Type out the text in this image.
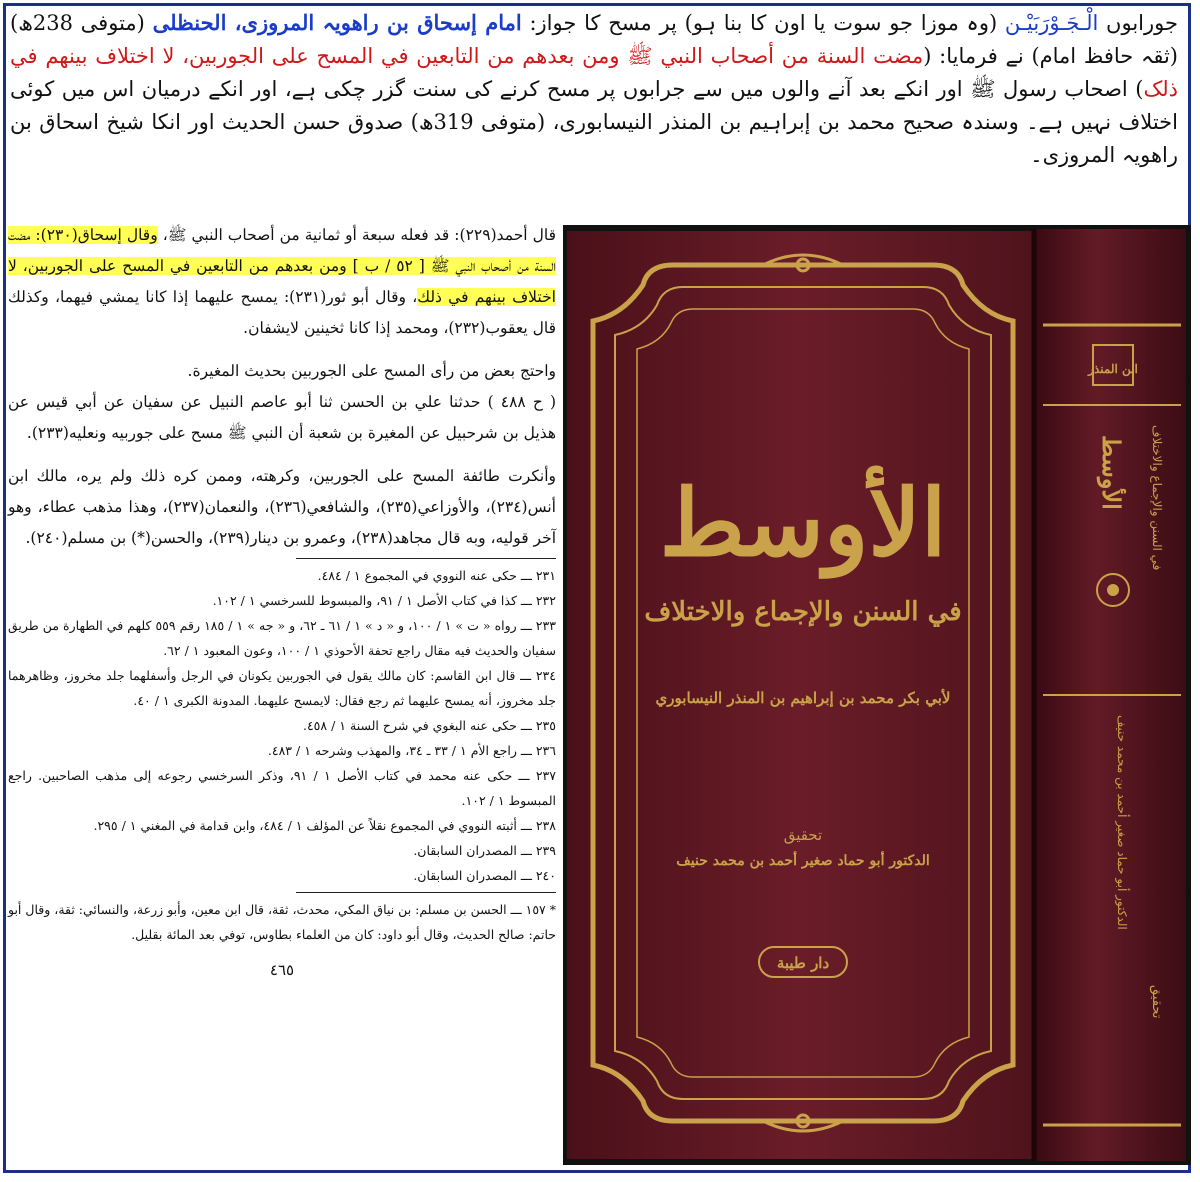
جورابوں الْـجَـوْرَبَيْـن (وہ موزا جو سوت یا اون کا بنا ہو) پر مسح کا جواز: امام إسحاق بن راھویہ المروزی، الحنظلی (متوفی 238ھ) (ثقہ حافظ امام) نے فرمایا: (مضت السنة من أصحاب النبي ﷺ ومن بعدهم من التابعين في المسح على الجوربين، لا اختلاف بينهم في ذلک) اصحاب رسول ﷺ اور انکے بعد آنے والوں میں سے جرابوں پر مسح کرنے کی سنت گزر چکی ہے، اور انکے درمیان اس میں کوئی اختلاف نہیں ہے۔ وسندہ صحیح محمد بن إبراہیم بن المنذر النیسابوری، (متوفی 319ھ) صدوق حسن الحدیث اور انکا شیخ اسحاق بن راھویہ المروزی۔

قال أحمد(٢٢٩): قد فعله سبعة أو ثمانية من أصحاب النبي ﷺ، وقال إسحاق(٢٣٠): مضت السنة من أصحاب النبي ﷺ [ ٥٢ / ب ] ومن بعدهم من التابعين في المسح على الجوربين، لا اختلاف بينهم في ذلك، وقال أبو ثور(٢٣١): يمسح عليهما إذا كانا يمشي فيهما، وكذلك قال يعقوب(٢٣٢)، ومحمد إذا كانا ثخينين لايشفان.

واحتج بعض من رأى المسح على الجوربين بحديث المغيرة.

( ح ٤٨٨ ) حدثنا علي بن الحسن ثنا أبو عاصم النبيل عن سفيان عن أبي قيس عن هذيل بن شرحبيل عن المغيرة بن شعبة أن النبي ﷺ مسح على جوربيه ونعليه(٢٣٣).

وأنكرت طائفة المسح على الجوربين، وكرهته، وممن كره ذلك ولم يره، مالك ابن أنس(٢٣٤)، والأوزاعي(٢٣٥)، والشافعي(٢٣٦)، والنعمان(٢٣٧)، وهذا مذهب عطاء، وهو آخر قوليه، وبه قال مجاهد(٢٣٨)، وعمرو بن دينار(٢٣٩)، والحسن(*) بن مسلم(٢٤٠).

٢٣١ ـــ حكى عنه النووي في المجموع ١ / ٤٨٤.

٢٣٢ ـــ كذا في كتاب الأصل ١ / ٩١، والمبسوط للسرخسي ١ / ١٠٢.

٢٣٣ ـــ رواه « ت » ١ / ١٠٠، و « د » ١ / ٦١ ـ ٦٢، و « جه » ١ / ١٨٥ رقم ٥٥٩ كلهم في الطهارة من طريق سفيان والحديث فيه مقال راجع تحفة الأحوذي ١ / ١٠٠، وعون المعبود ١ / ٦٢.

٢٣٤ ـــ قال ابن القاسم: كان مالك يقول في الجوربين يكونان في الرجل وأسفلهما جلد مخروز، وظاهرهما جلد مخروز، أنه يمسح عليهما ثم رجع فقال: لايمسح عليهما. المدونة الكبرى ١ / ٤٠.

٢٣٥ ـــ حكى عنه البغوي في شرح السنة ١ / ٤٥٨.

٢٣٦ ـــ راجع الأم ١ / ٣٣ ـ ٣٤، والمهذب وشرحه ١ / ٤٨٣.

٢٣٧ ـــ حكى عنه محمد في كتاب الأصل ١ / ٩١، وذكر السرخسي رجوعه إلى مذهب الصاحبين. راجع المبسوط ١ / ١٠٢.

٢٣٨ ـــ أثبته النووي في المجموع نقلاً عن المؤلف ١ / ٤٨٤، وابن قدامة في المغني ١ / ٢٩٥.

٢٣٩ ـــ المصدران السابقان.

٢٤٠ ـــ المصدران السابقان.

* ١٥٧ ـــ الحسن بن مسلم: بن نياق المكي، محدث، ثقة، قال ابن معين، وأبو زرعة، والنسائي: ثقة، وقال أبو حاتم: صالح الحديث، وقال أبو داود: كان من العلماء بطاوس، توفي بعد المائة بقليل.

٤٦٥
الأوسط
في السنن والإجماع والاختلاف
لأبي بكر محمد بن إبراهيم بن المنذر النيسابوري
تحقيق
الدكتور أبو حماد صغير أحمد بن محمد حنيف
دار طيبة
ابن المنذر
الأوسط في السنن والإجماع والاختلاف
الدكتور أبو حماد صغير أحمد بن محمد حنيف
تحقيق
